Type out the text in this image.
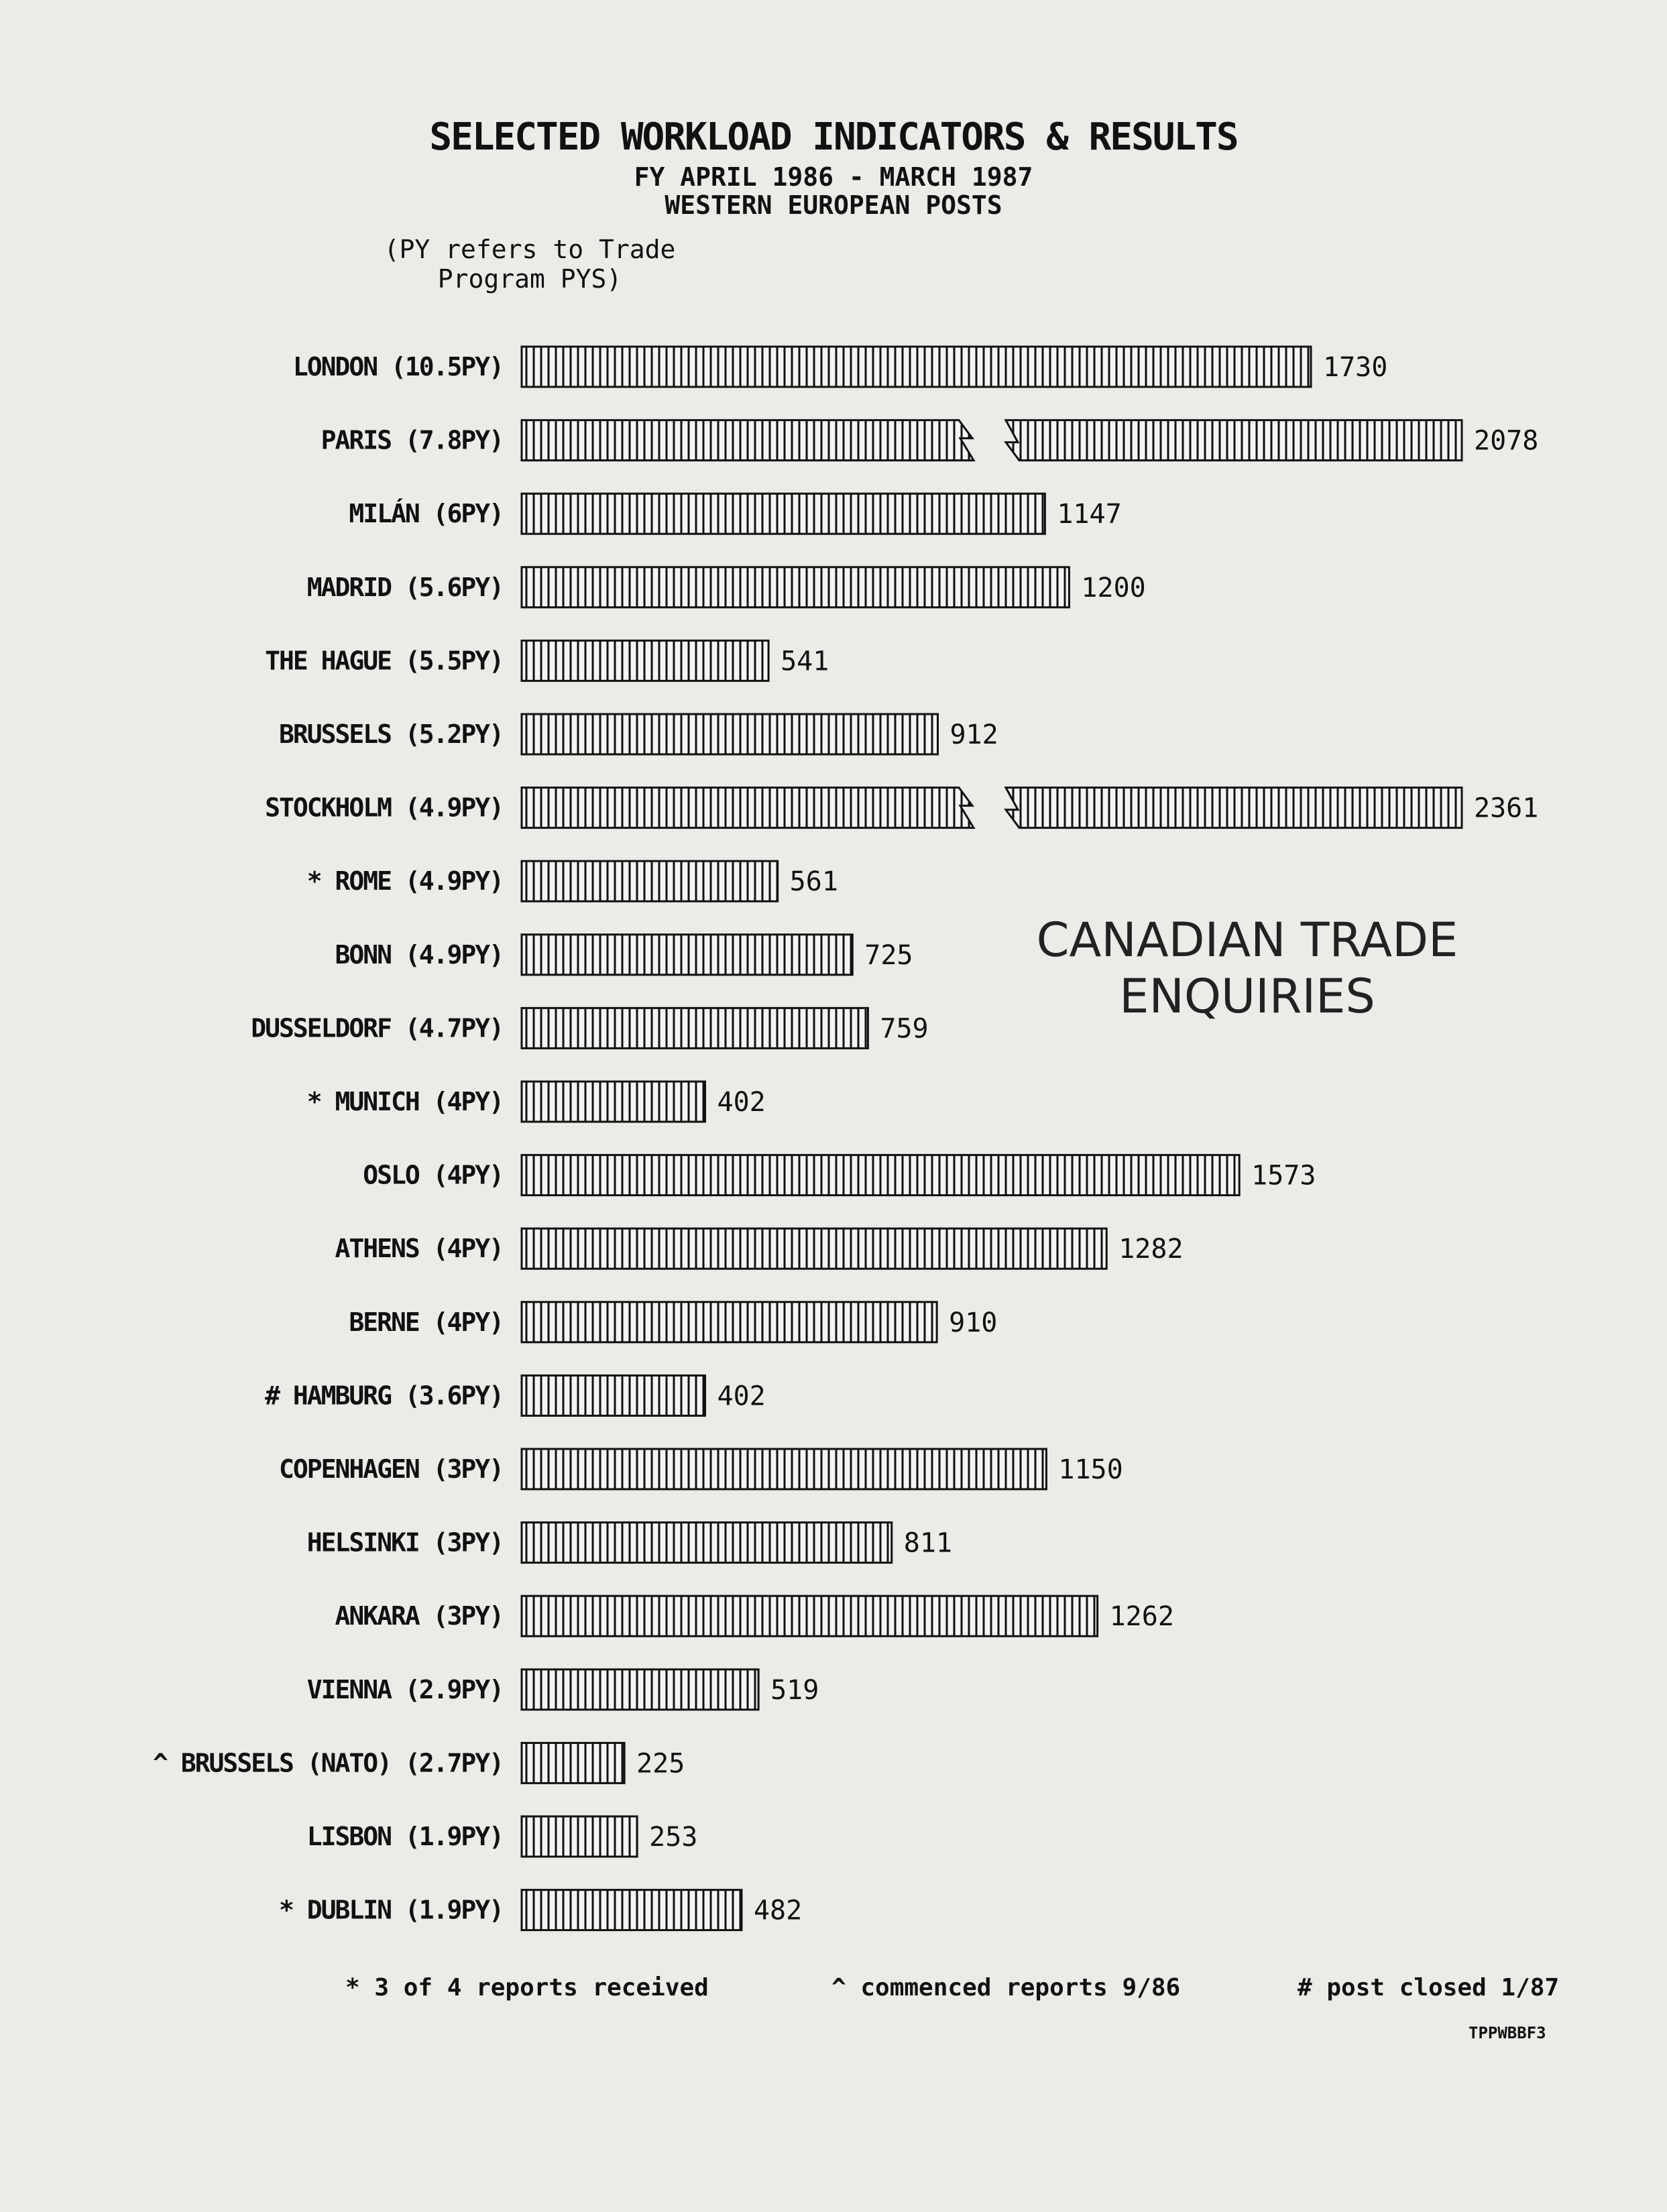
SELECTED WORKLOAD INDICATORS & RESULTS
FY APRIL 1986 - MARCH 1987
WESTERN EUROPEAN POSTS
(PY refers to Trade Program PYS)
LONDON (10.5PY)	1730
PARIS (7.8PY)	2078
MILÁN (6PY)	1147
MADRID (5.6PY)	1200
THE HAGUE (5.5PY)	541
BRUSSELS (5.2PY)	912
STOCKHOLM (4.9PY)	2361
* ROME (4.9PY)	561
BONN (4.9PY)	725
DUSSELDORF (4.7PY)	759
* MUNICH (4PY)	402
OSLO (4PY)	1573
ATHENS (4PY)	1282
BERNE (4PY)	910
# HAMBURG (3.6PY)	402
COPENHAGEN (3PY)	1150
HELSINKI (3PY)	811
ANKARA (3PY)	1262
VIENNA (2.9PY)	519
^ BRUSSELS (NATO) (2.7PY)	225
LISBON (1.9PY)	253
* DUBLIN (1.9PY)	482
CANADIAN TRADE
ENQUIRIES
* 3 of 4 reports received	^ commenced reports 9/86	# post closed 1/87
TPPWBBF3
